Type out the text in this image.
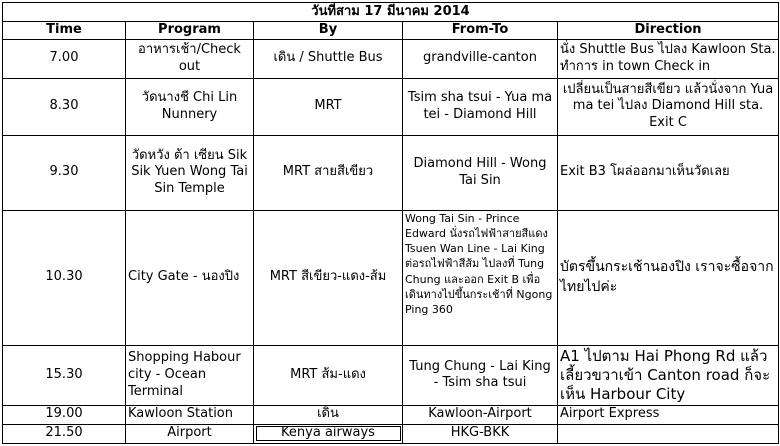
วันที่สาม 17 มีนาคม 2014				
Time	Program	By	From-To	Direction
7.00	อาหารเช้า/Check out	เดิน / Shuttle Bus	grandville-canton	นั่ง Shuttle Bus ไปลง Kawloon Sta. ทำการ in town Check in
8.30	วัดนางชี Chi Lin Nunnery	MRT	Tsim sha tsui - Yua ma tei - Diamond Hill	เปลี่ยนเป็นสายสีเขียว แล้วนั่งจาก Yua ma tei ไปลง Diamond Hill sta. Exit C
9.30	วัดหวัง ต้า เซียน Sik Sik Yuen Wong Tai Sin Temple	MRT สายสีเขียว	Diamond Hill - Wong Tai Sin	Exit B3 โผล่ออกมาเห็นวัดเลย
10.30	City Gate - นองปิง	MRT สีเขียว-แดง-ส้ม	Wong Tai Sin - Prince Edward นั่งรถไฟฟ้าสายสีแดง Tsuen Wan Line - Lai King ต่อรถไฟฟ้าสีส้ม ไปลงที่ Tung Chung และออก Exit B เพื่อเดินทางไปขึ้นกระเช้าที่ Ngong Ping 360	บัตรขึ้นกระเช้านองปิง เราจะซื้อจากไทยไปค่ะ
15.30	Shopping Habour city - Ocean Terminal	MRT ส้ม-แดง	Tung Chung - Lai King - Tsim sha tsui	A1 ไปตาม Hai Phong Rd แล้วเลี้ยวขวาเข้า Canton road ก็จะเห็น Harbour City
19.00	Kawloon Station	เดิน	Kawloon-Airport	Airport Express
21.50	Airport	Kenya airways	HKG-BKK	
